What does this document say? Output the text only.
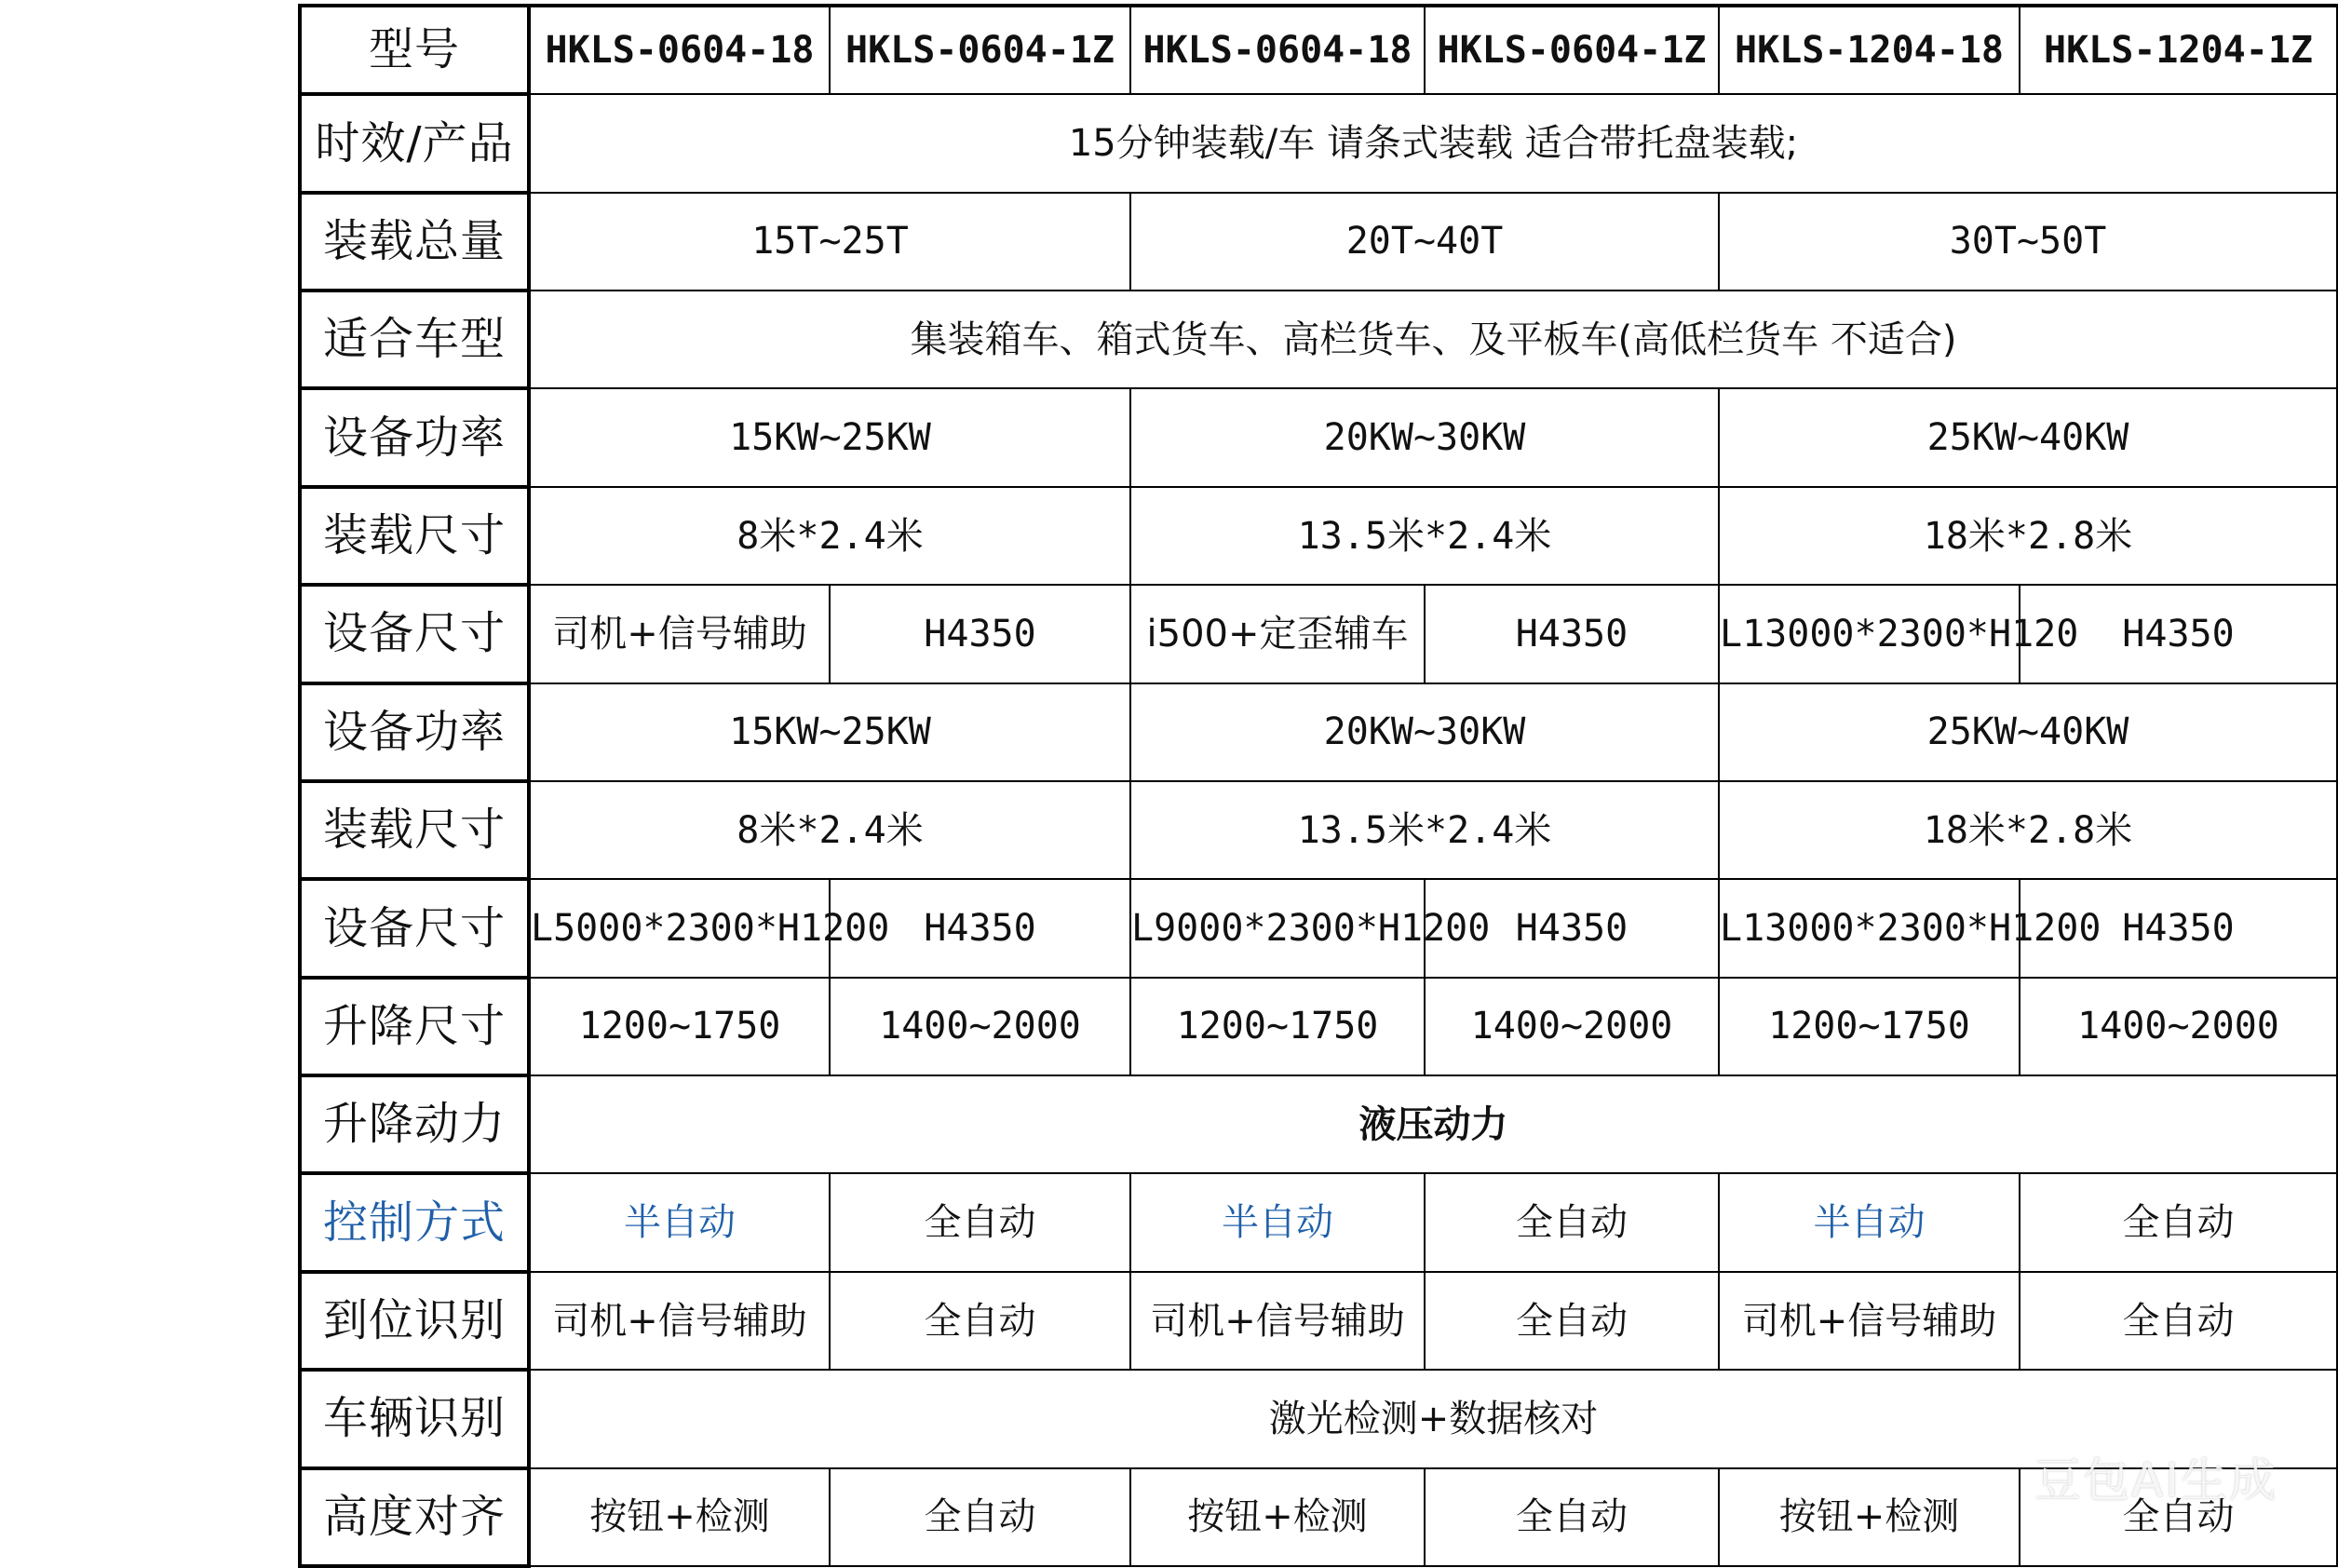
型号	HKLS-0604-18	HKLS-0604-1Z	HKLS-0604-18	HKLS-0604-1Z	HKLS-1204-18	HKLS-1204-1Z
时效/产品	15分钟装载/车 请条式装载 适合带托盘装载;					
装载总量	15T~25T		20T~40T		30T~50T	
适合车型	集装箱车、箱式货车、高栏货车、及平板车(高低栏货车 不适合)					
设备功率	15KW~25KW		20KW~30KW		25KW~40KW	
装载尺寸	8米*2.4米		13.5米*2.4米		18米*2.8米	
设备尺寸	司机+信号辅助	H4350	i500+定歪辅车	H4350	L13000*2300*H120	H4350
设备功率	15KW~25KW		20KW~30KW		25KW~40KW	
装载尺寸	8米*2.4米		13.5米*2.4米		18米*2.8米	
设备尺寸	L5000*2300*H1200	H4350	L9000*2300*H1200	H4350	L13000*2300*H1200	H4350
升降尺寸	1200~1750	1400~2000	1200~1750	1400~2000	1200~1750	1400~2000
升降动力	液压动力					
控制方式	半自动	全自动	半自动	全自动	半自动	全自动
到位识别	司机+信号辅助	全自动	司机+信号辅助	全自动	司机+信号辅助	全自动
车辆识别	激光检测+数据核对					
高度对齐	按钮+检测	全自动	按钮+检测	全自动	按钮+检测	全自动
豆包AI生成
